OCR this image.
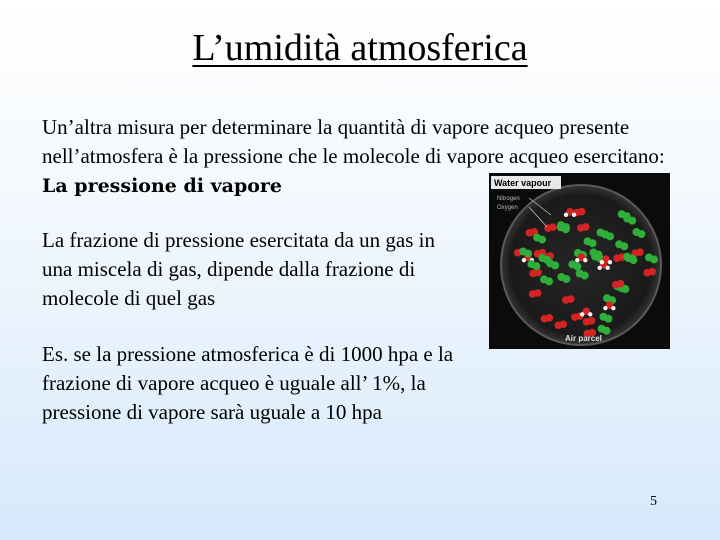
L’umidità atmosferica

Un’altra misura per determinare la quantità di vapore acqueo presente nell’atmosfera è la pressione che le molecole di vapore acqueo esercitano: La pressione di vapore

La frazione di pressione esercitata da un gas in una miscela di gas, dipende dalla frazione di molecole di quel gas

Es. se la pressione atmosferica è di 1000 hpa e la frazione di vapore acqueo è uguale all’ 1%, la pressione di vapore sarà uguale a 10 hpa

Water vapour
Nitrogen
Oxygen
Air parcel
5
